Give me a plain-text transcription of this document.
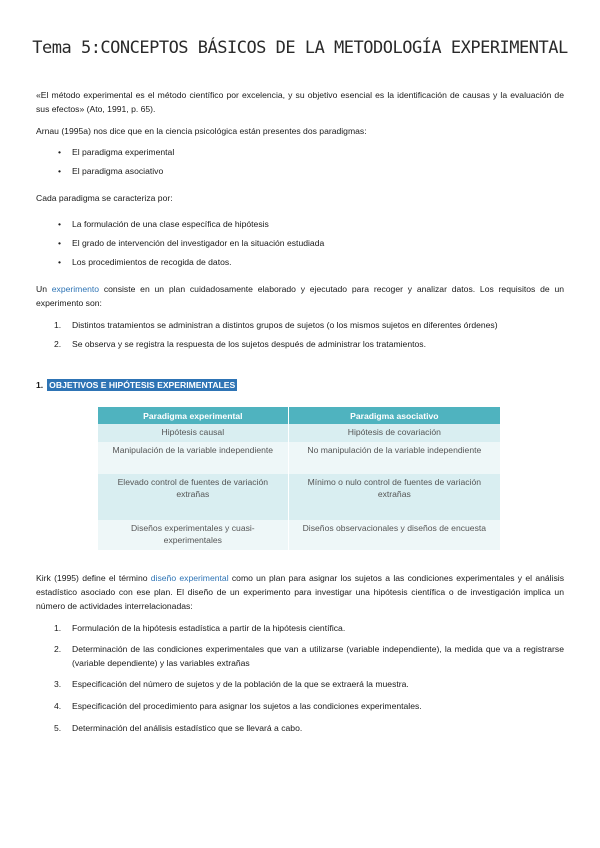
Tema 5:CONCEPTOS BÁSICOS DE LA METODOLOGÍA EXPERIMENTAL
«El método experimental es el método científico por excelencia, y su objetivo esencial es la identificación de causas y la evaluación de sus efectos» (Ato, 1991, p. 65).
Arnau (1995a) nos dice que en la ciencia psicológica están presentes dos paradigmas:
• El paradigma experimental
• El paradigma asociativo
Cada paradigma se caracteriza por:
• La formulación de una clase específica de hipótesis
• El grado de intervención del investigador en la situación estudiada
• Los procedimientos de recogida de datos.
Un experimento consiste en un plan cuidadosamente elaborado y ejecutado para recoger y analizar datos. Los requisitos de un experimento son:
1. Distintos tratamientos se administran a distintos grupos de sujetos (o los mismos sujetos en diferentes órdenes)
2. Se observa y se registra la respuesta de los sujetos después de administrar los tratamientos.
1. OBJETIVOS E HIPÓTESIS EXPERIMENTALES
Paradigma experimental	Paradigma asociativo
Hipótesis causal	Hipótesis de covariación
Manipulación de la variable independiente	No manipulación de la variable independiente
Elevado control de fuentes de variación extrañas	Mínimo o nulo control de fuentes de variación extrañas
Diseños experimentales y cuasi-experimentales	Diseños observacionales y diseños de encuesta
Kirk (1995) define el término diseño experimental como un plan para asignar los sujetos a las condiciones experimentales y el análisis estadístico asociado con ese plan. El diseño de un experimento para investigar una hipótesis científica o de investigación implica un número de actividades interrelacionadas:
1. Formulación de la hipótesis estadística a partir de la hipótesis científica.
2. Determinación de las condiciones experimentales que van a utilizarse (variable independiente), la medida que va a registrarse (variable dependiente) y las variables extrañas
3. Especificación del número de sujetos y de la población de la que se extraerá la muestra.
4. Especificación del procedimiento para asignar los sujetos a las condiciones experimentales.
5. Determinación del análisis estadístico que se llevará a cabo.
